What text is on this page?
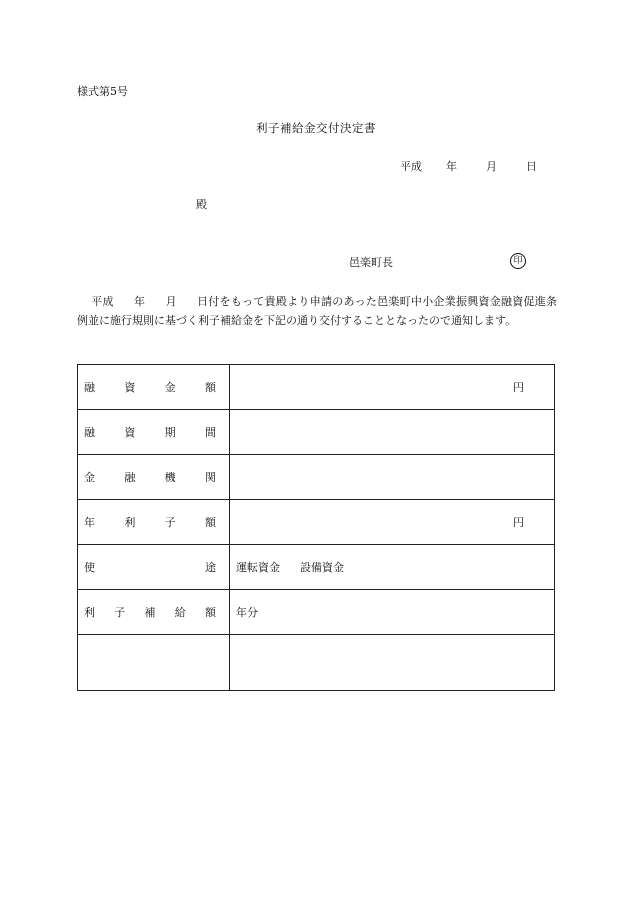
様式第5号
利子補給金交付決定書
平成 年	月	日
殿
邑楽町長	印
平成 年 月 日付をもって貴殿より申請のあった邑楽町中小企業振興資金融資促進条例並に施行規則に基づく利子補給金を下記の通り交付することとなったので通知します。
融 資 金 額	円

融 資 期 間	

金 融 機 関	

年 利 子 額	円

使 途	運転資金 設備資金

利 子 補 給 額	年分
